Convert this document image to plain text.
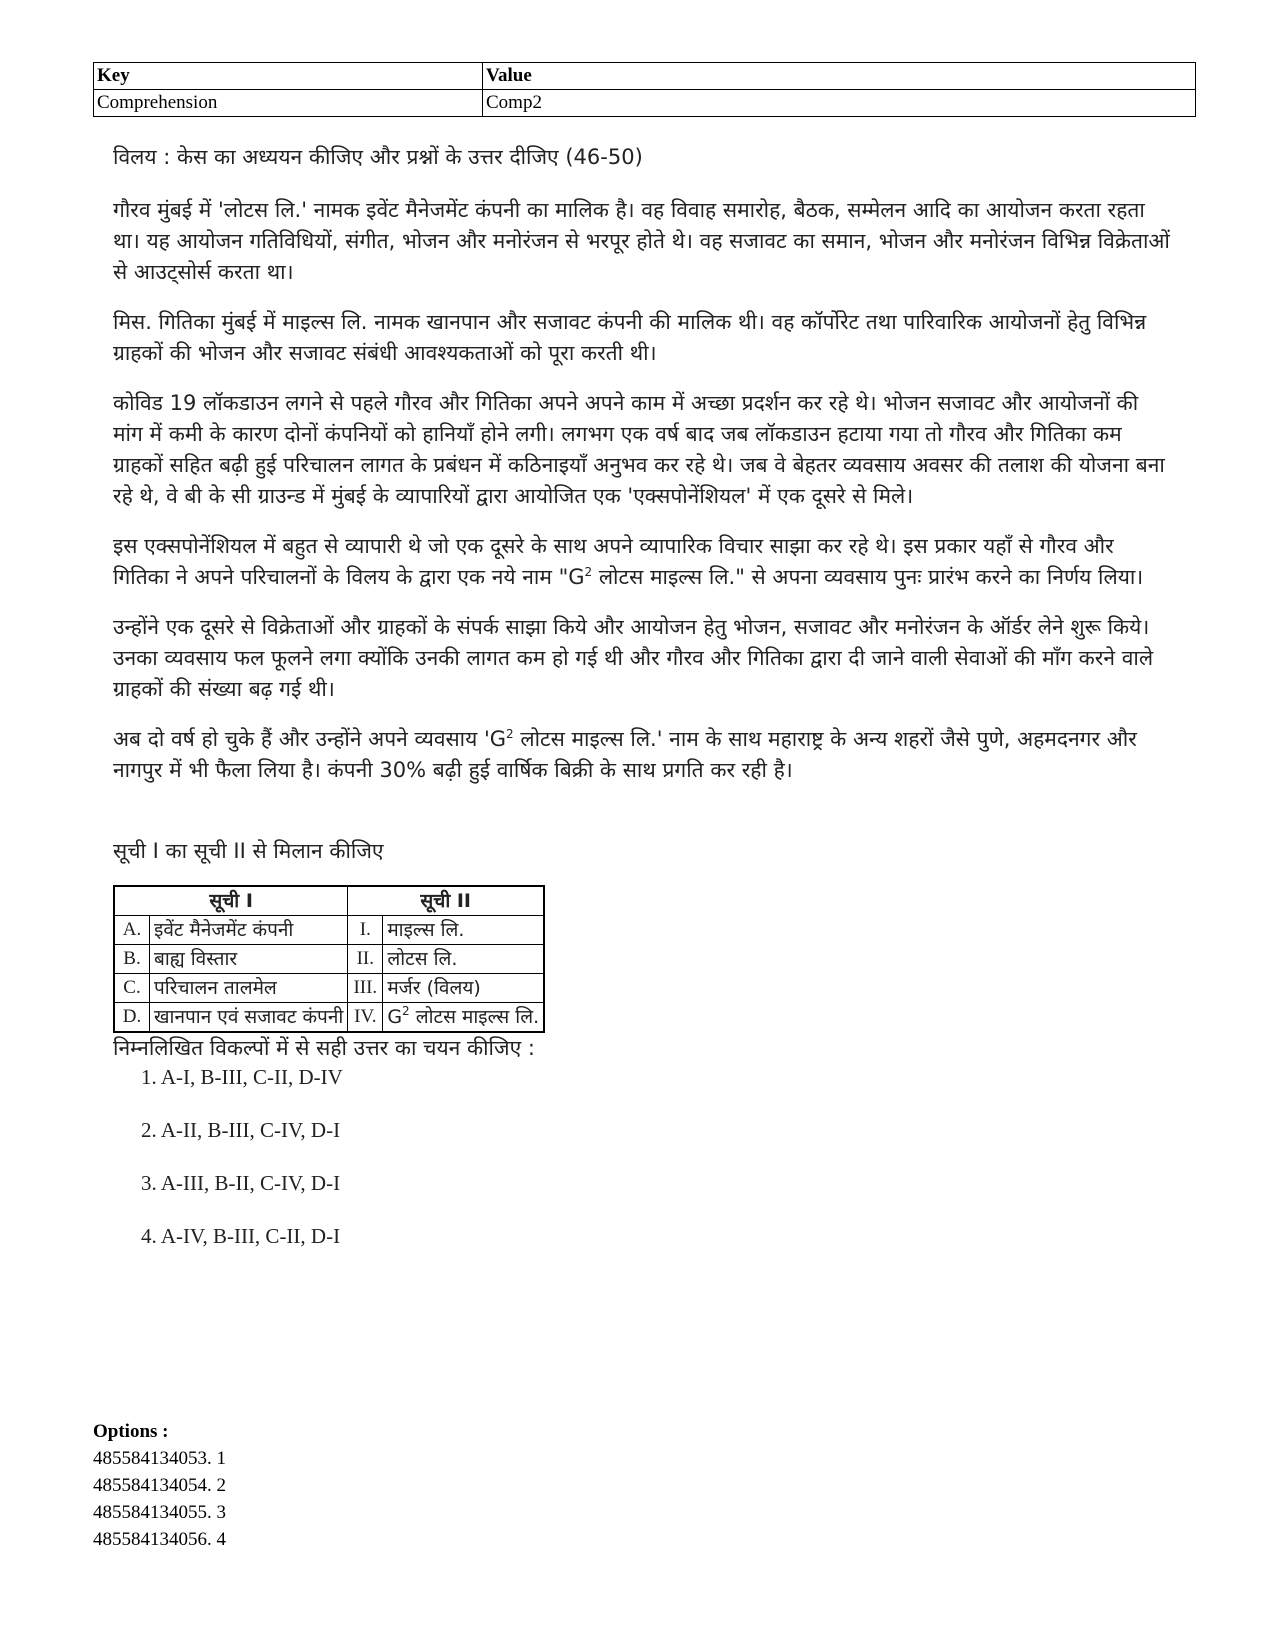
Key	Value
Comprehension	Comp2

विलय : केस का अध्ययन कीजिए और प्रश्नों के उत्तर दीजिए (46-50)

गौरव मुंबई में 'लोटस लि.' नामक इवेंट मैनेजमेंट कंपनी का मालिक है। वह विवाह समारोह, बैठक, सम्मेलन आदि का आयोजन करता रहता था। यह आयोजन गतिविधियों, संगीत, भोजन और मनोरंजन से भरपूर होते थे। वह सजावट का समान, भोजन और मनोरंजन विभिन्न विक्रेताओं से आउट्सोर्स करता था।

मिस. गितिका मुंबई में माइल्स लि. नामक खानपान और सजावट कंपनी की मालिक थी। वह कॉर्पोरेट तथा पारिवारिक आयोजनों हेतु विभिन्न ग्राहकों की भोजन और सजावट संबंधी आवश्यकताओं को पूरा करती थी।

कोविड 19 लॉकडाउन लगने से पहले गौरव और गितिका अपने अपने काम में अच्छा प्रदर्शन कर रहे थे। भोजन सजावट और आयोजनों की मांग में कमी के कारण दोनों कंपनियों को हानियाँ होने लगी। लगभग एक वर्ष बाद जब लॉकडाउन हटाया गया तो गौरव और गितिका कम ग्राहकों सहित बढ़ी हुई परिचालन लागत के प्रबंधन में कठिनाइयाँ अनुभव कर रहे थे। जब वे बेहतर व्यवसाय अवसर की तलाश की योजना बना रहे थे, वे बी के सी ग्राउन्ड में मुंबई के व्यापारियों द्वारा आयोजित एक 'एक्सपोनेंशियल' में एक दूसरे से मिले।

इस एक्सपोनेंशियल में बहुत से व्यापारी थे जो एक दूसरे के साथ अपने व्यापारिक विचार साझा कर रहे थे। इस प्रकार यहाँ से गौरव और गितिका ने अपने परिचालनों के विलय के द्वारा एक नये नाम "$G^2$ लोटस माइल्स लि." से अपना व्यवसाय पुनः प्रारंभ करने का निर्णय लिया।

उन्होंने एक दूसरे से विक्रेताओं और ग्राहकों के संपर्क साझा किये और आयोजन हेतु भोजन, सजावट और मनोरंजन के ऑर्डर लेने शुरू किये। उनका व्यवसाय फल फूलने लगा क्योंकि उनकी लागत कम हो गई थी और गौरव और गितिका द्वारा दी जाने वाली सेवाओं की माँग करने वाले ग्राहकों की संख्या बढ़ गई थी।

अब दो वर्ष हो चुके हैं और उन्होंने अपने व्यवसाय '$G^2$ लोटस माइल्स लि.' नाम के साथ महाराष्ट्र के अन्य शहरों जैसे पुणे, अहमदनगर और नागपुर में भी फैला लिया है। कंपनी 30% बढ़ी हुई वार्षिक बिक्री के साथ प्रगति कर रही है।

सूची I का सूची II से मिलान कीजिए

सूची I		सूची II	
A.	इवेंट मैनेजमेंट कंपनी	I.	माइल्स लि.
B.	बाह्य विस्तार	II.	लोटस लि.
C.	परिचालन तालमेल	III.	मर्जर (विलय)
D.	खानपान एवं सजावट कंपनी	IV.	$G^2$ लोटस माइल्स लि.

निम्नलिखित विकल्पों में से सही उत्तर का चयन कीजिए :

1. A-I, B-III, C-II, D-IV
2. A-II, B-III, C-IV, D-I
3. A-III, B-II, C-IV, D-I
4. A-IV, B-III, C-II, D-I
Options :
485584134053. 1
485584134054. 2
485584134055. 3
485584134056. 4
